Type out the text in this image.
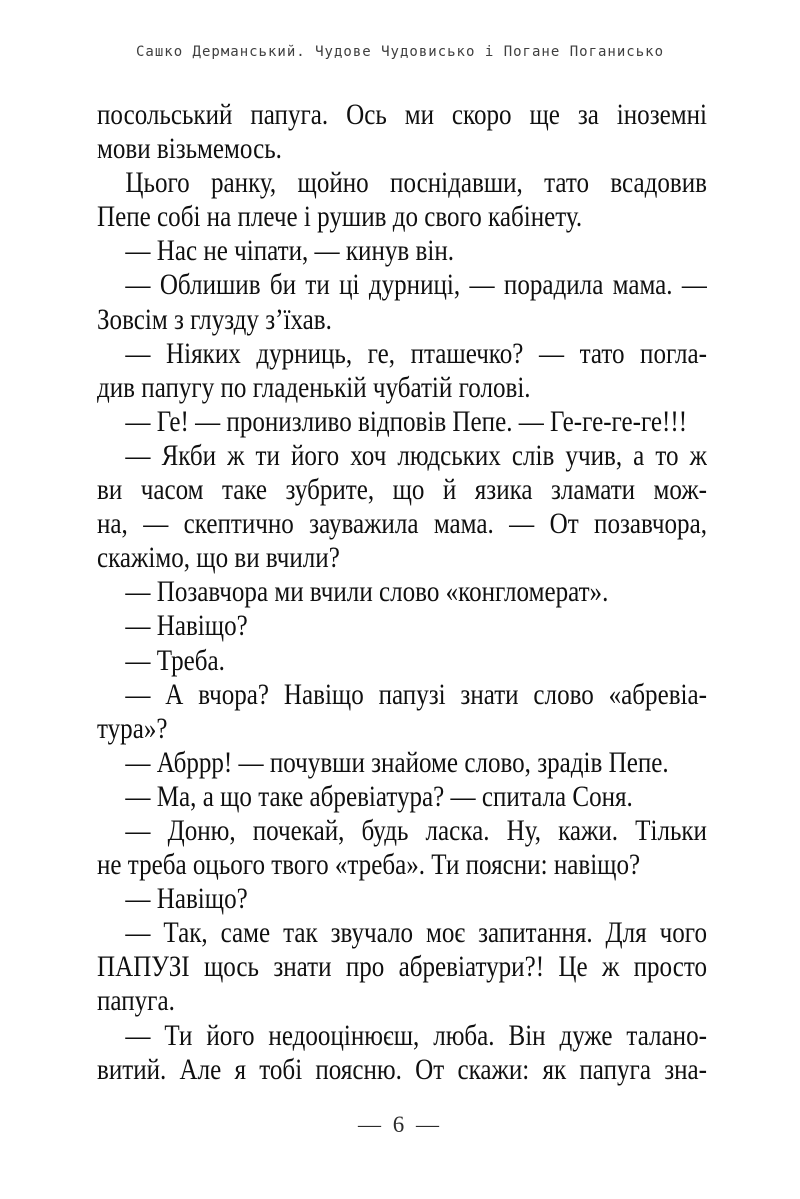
Сашко Дерманський. Чудове Чудовисько і Погане Поганисько
посольський папуга. Ось ми скоро ще за іноземні
мови візьмемось.
Цього ранку, щойно поснідавши, тато всадовив
Пепе собі на плече і рушив до свого кабінету.
— Нас не чіпати, — кинув він.
— Облишив би ти ці дурниці, — порадила мама. —
Зовсім з глузду з’їхав.
— Ніяких дурниць, ге, пташечко? — тато погла-
див папугу по гладенькій чубатій голові.
— Ге! — пронизливо відповів Пепе. — Ге-ге-ге-ге!!!
— Якби ж ти його хоч людських слів учив, а то ж
ви часом таке зубрите, що й язика зламати мож-
на, — скептично зауважила мама. — От позавчора,
скажімо, що ви вчили?
— Позавчора ми вчили слово «конгломерат».
— Навіщо?
— Треба.
— А вчора? Навіщо папузі знати слово «абревіа-
тура»?
— Абррр! — почувши знайоме слово, зрадів Пепе.
— Ма, а що таке абревіатура? — спитала Соня.
— Доню, почекай, будь ласка. Ну, кажи. Тільки
не треба оцього твого «треба». Ти поясни: навіщо?
— Навіщо?
— Так, саме так звучало моє запитання. Для чого
ПАПУЗІ щось знати про абревіатури?! Це ж просто
папуга.
— Ти його недооцінюєш, люба. Він дуже талано-
витий. Але я тобі поясню. От скажи: як папуга зна-
— 6 —
